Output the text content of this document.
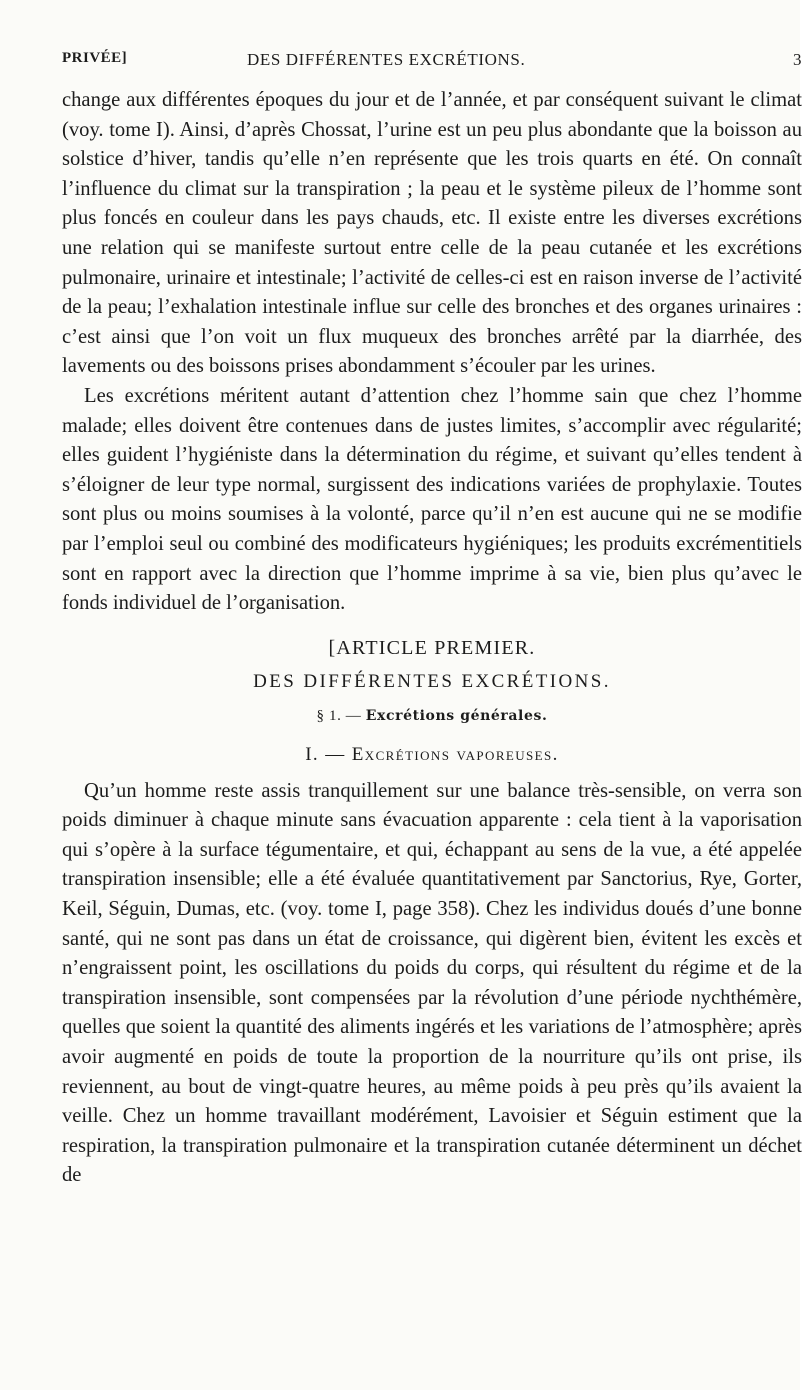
PRIVÉE]	DES DIFFÉRENTES EXCRÉTIONS.	3

change aux différentes époques du jour et de l’année, et par conséquent suivant le climat (voy. tome I). Ainsi, d’après Chossat, l’urine est un peu plus abondante que la boisson au solstice d’hiver, tandis qu’elle n’en représente que les trois quarts en été. On connaît l’influence du climat sur la transpiration ; la peau et le système pileux de l’homme sont plus foncés en couleur dans les pays chauds, etc. Il existe entre les diverses excrétions une relation qui se manifeste surtout entre celle de la peau cutanée et les excrétions pulmonaire, urinaire et intestinale; l’activité de celles-ci est en raison inverse de l’activité de la peau; l’exhalation intestinale influe sur celle des bronches et des organes urinaires : c’est ainsi que l’on voit un flux muqueux des bronches arrêté par la diarrhée, des lavements ou des boissons prises abondamment s’écouler par les urines.

Les excrétions méritent autant d’attention chez l’homme sain que chez l’homme malade; elles doivent être contenues dans de justes limites, s’accomplir avec régularité; elles guident l’hygiéniste dans la détermination du régime, et suivant qu’elles tendent à s’éloigner de leur type normal, surgissent des indications variées de prophylaxie. Toutes sont plus ou moins soumises à la volonté, parce qu’il n’en est aucune qui ne se modifie par l’emploi seul ou combiné des modificateurs hygiéniques; les produits excrémentitiels sont en rapport avec la direction que l’homme imprime à sa vie, bien plus qu’avec le fonds individuel de l’organisation.

[ARTICLE PREMIER.
DES DIFFÉRENTES EXCRÉTIONS.
§ 1. — Excrétions générales.
I. — Excrétions vaporeuses.

Qu’un homme reste assis tranquillement sur une balance très-sensible, on verra son poids diminuer à chaque minute sans évacuation apparente : cela tient à la vaporisation qui s’opère à la surface tégumentaire, et qui, échappant au sens de la vue, a été appelée transpiration insensible; elle a été évaluée quantitativement par Sanctorius, Rye, Gorter, Keil, Séguin, Dumas, etc. (voy. tome I, page 358). Chez les individus doués d’une bonne santé, qui ne sont pas dans un état de croissance, qui digèrent bien, évitent les excès et n’engraissent point, les oscillations du poids du corps, qui résultent du régime et de la transpiration insensible, sont compensées par la révolution d’une période nychthémère, quelles que soient la quantité des aliments ingérés et les variations de l’atmosphère; après avoir augmenté en poids de toute la proportion de la nourriture qu’ils ont prise, ils reviennent, au bout de vingt-quatre heures, au même poids à peu près qu’ils avaient la veille. Chez un homme travaillant modérément, Lavoisier et Séguin estiment que la respiration, la transpiration pulmonaire et la transpiration cutanée déterminent un déchet de
